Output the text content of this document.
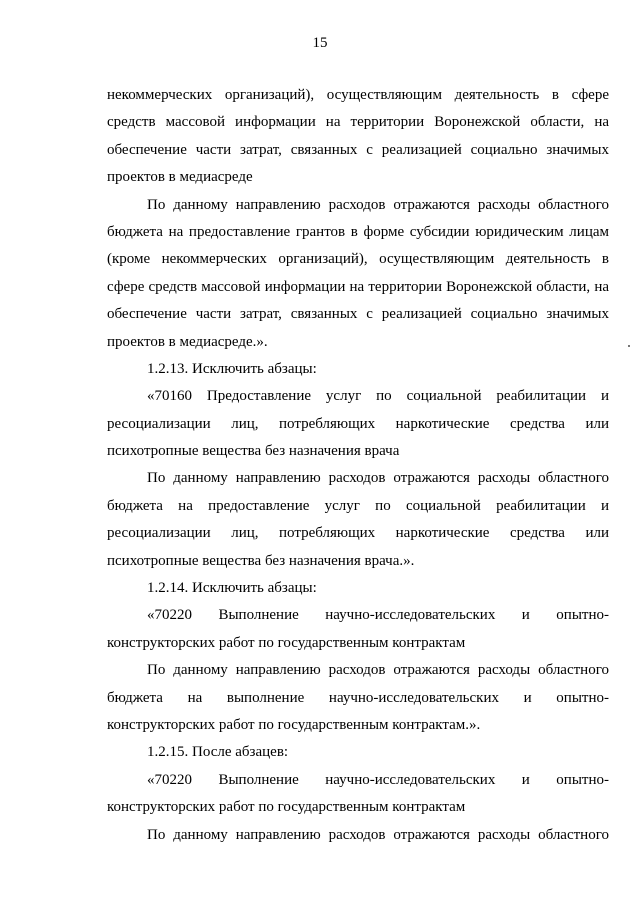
15
некоммерческих организаций), осуществляющим деятельность в сфере
средств массовой информации на территории Воронежской области, на
обеспечение части затрат, связанных с реализацией социально значимых
проектов в медиасреде
По данному направлению расходов отражаются расходы областного
бюджета на предоставление грантов в форме субсидии юридическим лицам
(кроме некоммерческих организаций), осуществляющим деятельность в
сфере средств массовой информации на территории Воронежской области, на
обеспечение части затрат, связанных с реализацией социально значимых
проектов в медиасреде.».
1.2.13. Исключить абзацы:
«70160 Предоставление услуг по социальной реабилитации и
ресоциализации лиц, потребляющих наркотические средства или
психотропные вещества без назначения врача
По данному направлению расходов отражаются расходы областного
бюджета на предоставление услуг по социальной реабилитации и
ресоциализации лиц, потребляющих наркотические средства или
психотропные вещества без назначения врача.».
1.2.14. Исключить абзацы:
«70220 Выполнение научно-исследовательских и опытно-
конструкторских работ по государственным контрактам
По данному направлению расходов отражаются расходы областного
бюджета на выполнение научно-исследовательских и опытно-
конструкторских работ по государственным контрактам.».
1.2.15. После абзацев:
«70220 Выполнение научно-исследовательских и опытно-
конструкторских работ по государственным контрактам
По данному направлению расходов отражаются расходы областного
